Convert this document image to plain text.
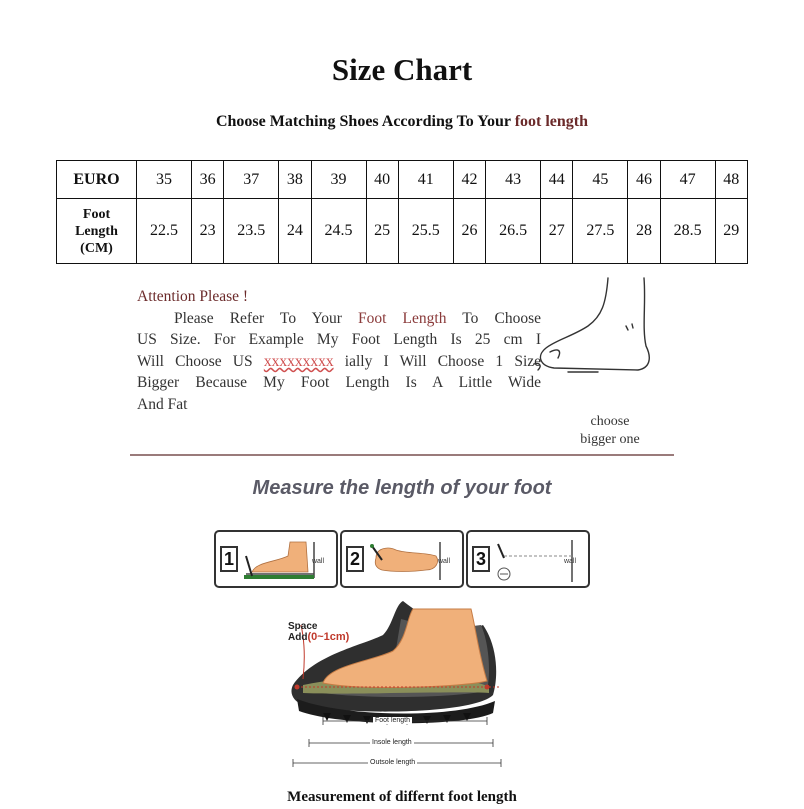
Size Chart
Choose Matching Shoes According To Your foot length
EURO	35	36	37	38	39	40	41	42	43	44	45	46	47	48

Foot
Length
(CM)	22.5	23	23.5	24	24.5	25	25.5	26	26.5	27	27.5	28	28.5	29
Attention Please !

Please Refer To Your Foot Length To Choose

US Size. For Example My Foot Length Is 25 cm I

Will Choose US xxxxxxxxx ially I Will Choose 1 Size

Bigger Because My Foot Length Is A Little Wide

And Fat

choose
bigger one
Measure the length of your foot
1	wall 2	wall 3	wall
Space
Add(0~1cm)
Foot length
Insole length
Outsole length
Measurement of differnt foot length
